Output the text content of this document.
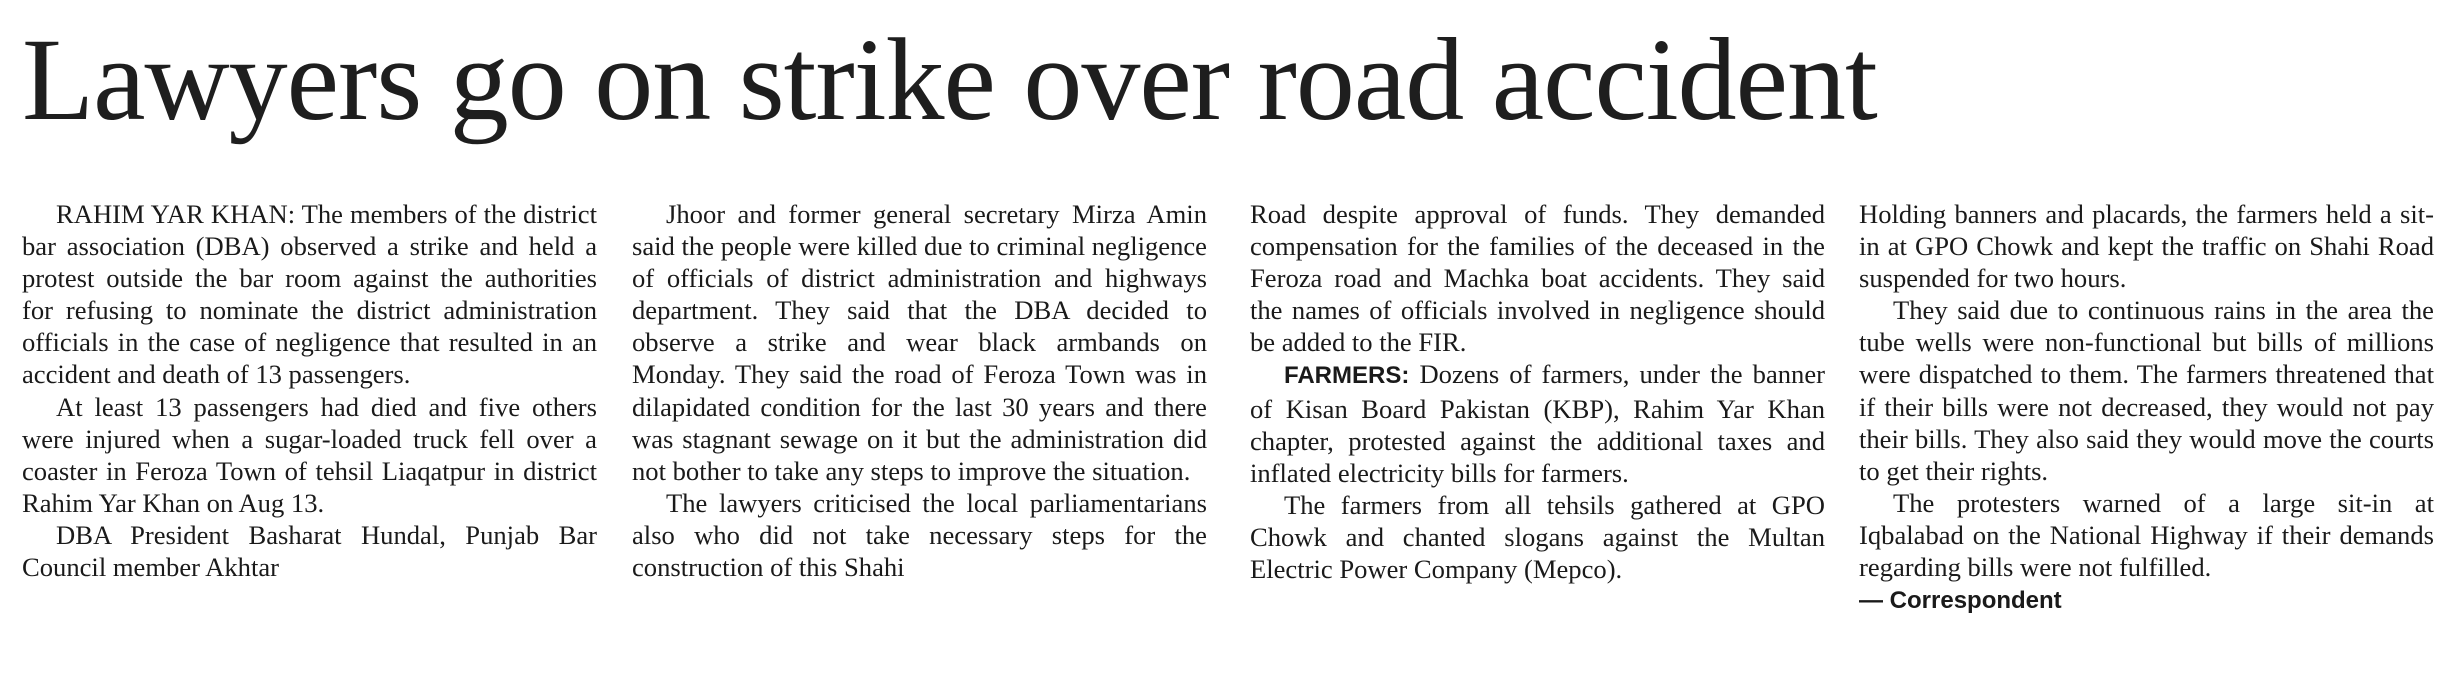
Lawyers go on strike over road accident

RAHIM YAR KHAN: The members of the district bar association (DBA) observed a strike and held a protest outside the bar room against the authorities for refusing to nominate the district administration officials in the case of negligence that resulted in an accident and death of 13 passengers.

At least 13 passengers had died and five others were injured when a sugar-loaded truck fell over a coaster in Feroza Town of tehsil Liaqatpur in district Rahim Yar Khan on Aug 13.

DBA President Basharat Hundal, Punjab Bar Council member Akhtar

Jhoor and former general secretary Mirza Amin said the people were killed due to criminal negligence of officials of district administration and highways department. They said that the DBA decided to observe a strike and wear black armbands on Monday. They said the road of Feroza Town was in dilapidated condition for the last 30 years and there was stagnant sewage on it but the administration did not bother to take any steps to improve the situation.

The lawyers criticised the local parliamentarians also who did not take necessary steps for the construction of this Shahi

Road despite approval of funds. They demanded compensation for the families of the deceased in the Feroza road and Machka boat accidents. They said the names of officials involved in negligence should be added to the FIR.

FARMERS: Dozens of farmers, under the banner of Kisan Board Pakistan (KBP), Rahim Yar Khan chapter, protested against the additional taxes and inflated electricity bills for farmers.

The farmers from all tehsils gathered at GPO Chowk and chanted slogans against the Multan Electric Power Company (Mepco).

Holding banners and placards, the farmers held a sit-in at GPO Chowk and kept the traffic on Shahi Road suspended for two hours.

They said due to continuous rains in the area the tube wells were non-functional but bills of millions were dispatched to them. The farmers threatened that if their bills were not decreased, they would not pay their bills. They also said they would move the courts to get their rights.

The protesters warned of a large sit-in at Iqbalabad on the National Highway if their demands regarding bills were not fulfilled.

— Correspondent
